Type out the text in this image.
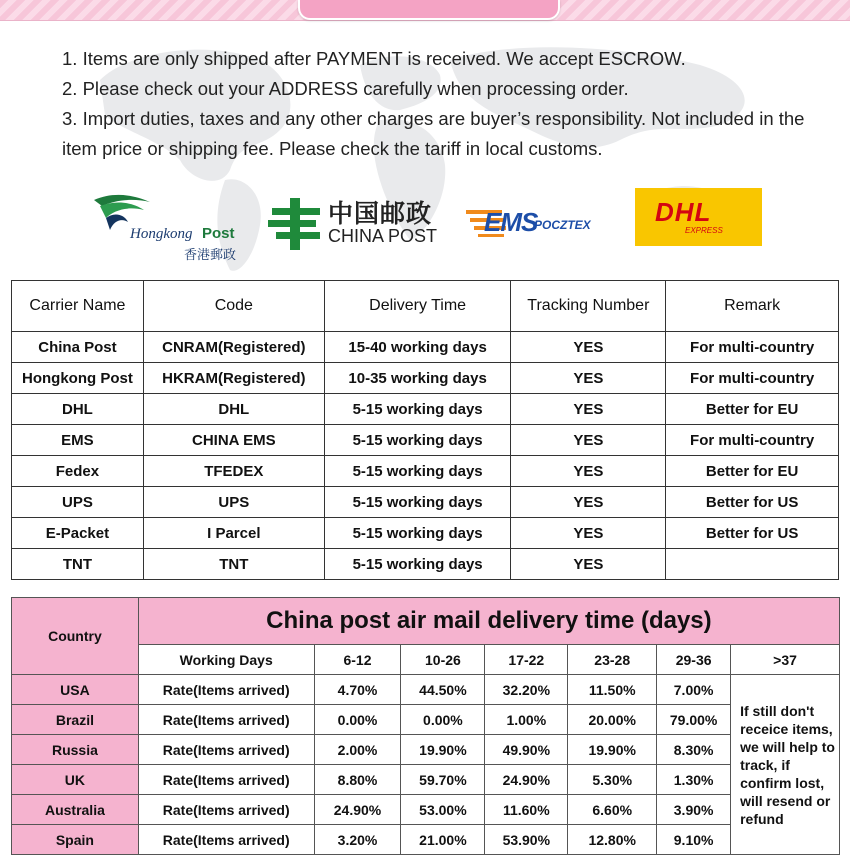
1. Items are only shipped after PAYMENT is received. We accept ESCROW.

2. Please check out your ADDRESS carefully when processing order.

3. Import duties, taxes and any other charges are buyer’s responsibility. Not included in the item price or shipping fee. Please check the tariff in local customs.

Hongkong Post
香港郵政
中国邮政
CHINA POST EMS
POCZTEX DHL
EXPRESS
Carrier Name	Code	Delivery Time	Tracking Number	Remark
China Post	CNRAM(Registered)	15-40 working days	YES	For multi-country
Hongkong Post	HKRAM(Registered)	10-35 working days	YES	For multi-country
DHL	DHL	5-15 working days	YES	Better for EU
EMS	CHINA EMS	5-15 working days	YES	For multi-country
Fedex	TFEDEX	5-15 working days	YES	Better for EU
UPS	UPS	5-15 working days	YES	Better for US
E-Packet	I Parcel	5-15 working days	YES	Better for US
TNT	TNT	5-15 working days	YES	
Country	China post air mail delivery time (days)						
	Working Days	6-12	10-26	17-22	23-28	29-36	>37
USA	Rate(Items arrived)	4.70%	44.50%	32.20%	11.50%	7.00%	If still don't receice items, we will help to track, if confirm lost, will resend or refund
Brazil	Rate(Items arrived)	0.00%	0.00%	1.00%	20.00%	79.00%	
Russia	Rate(Items arrived)	2.00%	19.90%	49.90%	19.90%	8.30%	
UK	Rate(Items arrived)	8.80%	59.70%	24.90%	5.30%	1.30%	
Australia	Rate(Items arrived)	24.90%	53.00%	11.60%	6.60%	3.90%	
Spain	Rate(Items arrived)	3.20%	21.00%	53.90%	12.80%	9.10%	
